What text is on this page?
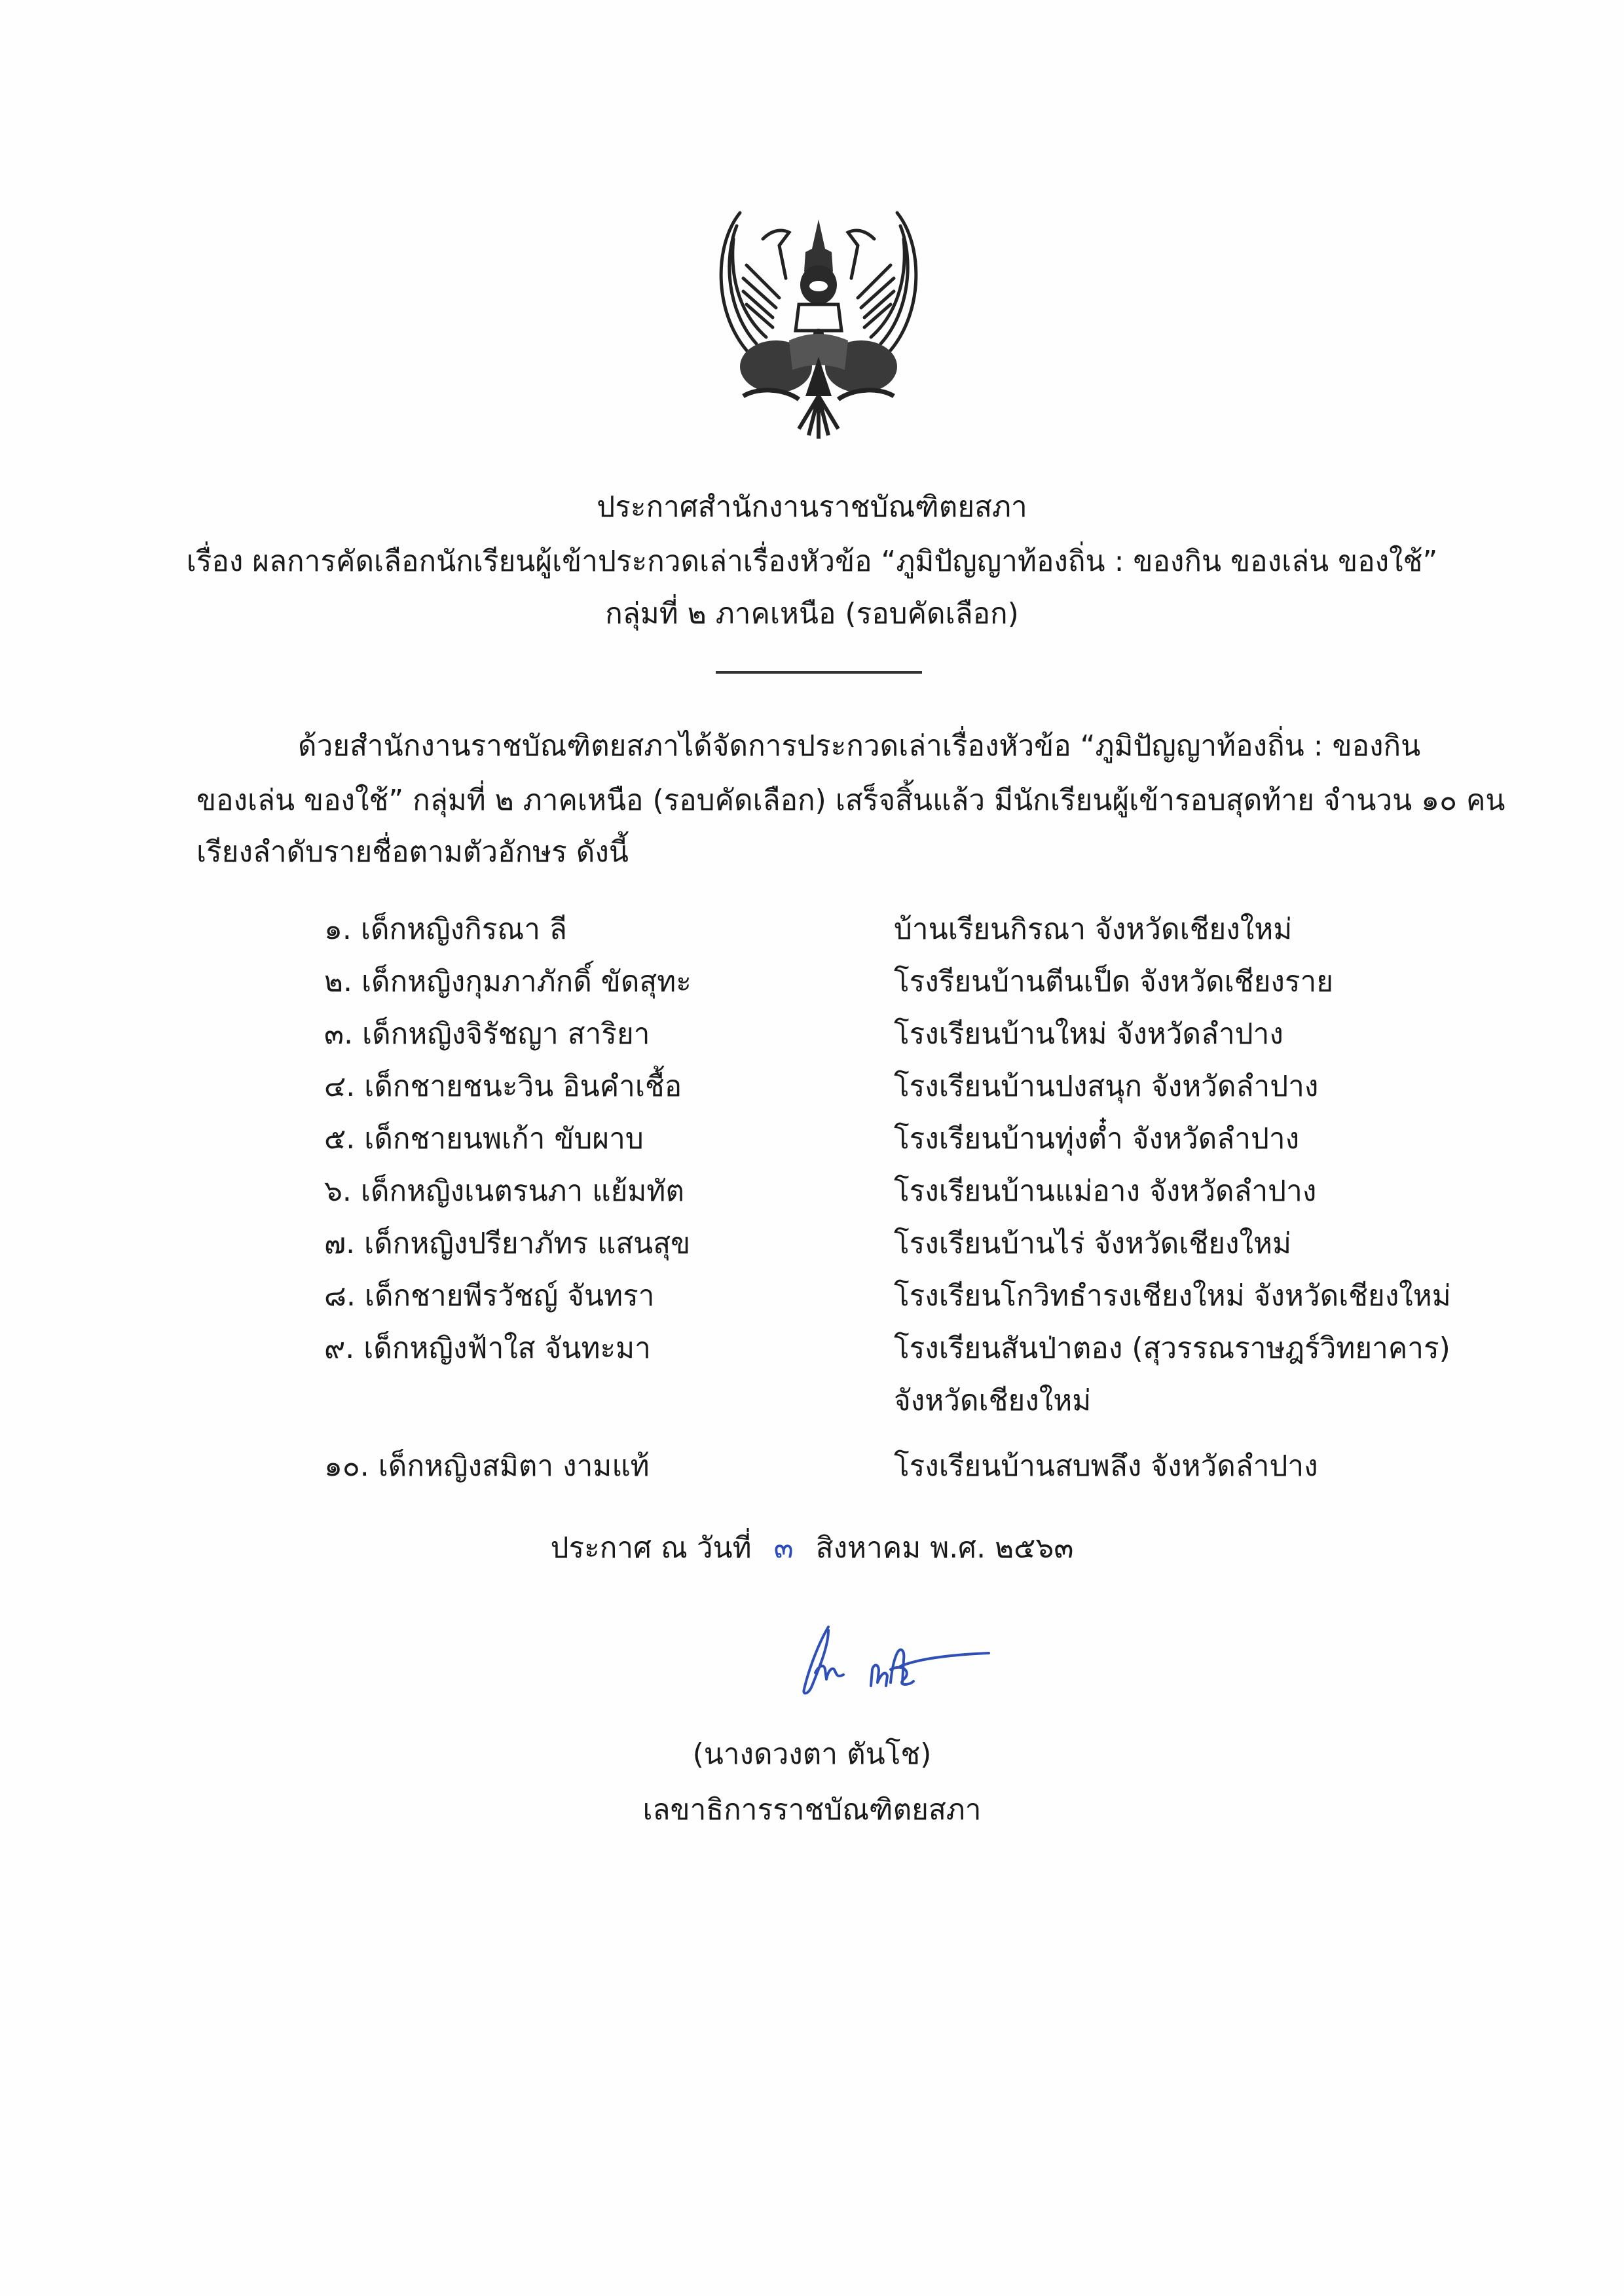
ประกาศสำนักงานราชบัณฑิตยสภา
เรื่อง ผลการคัดเลือกนักเรียนผู้เข้าประกวดเล่าเรื่องหัวข้อ “ภูมิปัญญาท้องถิ่น : ของกิน ของเล่น ของใช้”
กลุ่มที่ ๒ ภาคเหนือ (รอบคัดเลือก)
ด้วยสำนักงานราชบัณฑิตยสภาได้จัดการประกวดเล่าเรื่องหัวข้อ “ภูมิปัญญาท้องถิ่น : ของกิน
ของเล่น ของใช้” กลุ่มที่ ๒ ภาคเหนือ (รอบคัดเลือก) เสร็จสิ้นแล้ว มีนักเรียนผู้เข้ารอบสุดท้าย จำนวน ๑๐ คน
เรียงลำดับรายชื่อตามตัวอักษร ดังนี้
๑. เด็กหญิงกิรณา ลี	บ้านเรียนกิรณา จังหวัดเชียงใหม่
๒. เด็กหญิงกุมภาภักดิ์ ขัดสุทะ	โรงรียนบ้านตีนเป็ด จังหวัดเชียงราย
๓. เด็กหญิงจิรัชญา สาริยา	โรงเรียนบ้านใหม่ จังหวัดลำปาง
๔. เด็กชายชนะวิน อินคำเชื้อ	โรงเรียนบ้านปงสนุก จังหวัดลำปาง
๕. เด็กชายนพเก้า ขับผาบ	โรงเรียนบ้านทุ่งต๋ำ จังหวัดลำปาง
๖. เด็กหญิงเนตรนภา แย้มทัต	โรงเรียนบ้านแม่อาง จังหวัดลำปาง
๗. เด็กหญิงปรียาภัทร แสนสุข	โรงเรียนบ้านไร่ จังหวัดเชียงใหม่
๘. เด็กชายพีรวัชญ์ จันทรา	โรงเรียนโกวิทธำรงเชียงใหม่ จังหวัดเชียงใหม่
๙. เด็กหญิงฟ้าใส จันทะมา	โรงเรียนสันป่าตอง (สุวรรณราษฎร์วิทยาคาร)
จังหวัดเชียงใหม่
๑๐. เด็กหญิงสมิตา งามแท้	โรงเรียนบ้านสบพลึง จังหวัดลำปาง
ประกาศ ณ วันที่ ๓ สิงหาคม พ.ศ. ๒๕๖๓
(นางดวงตา ตันโช)
เลขาธิการราชบัณฑิตยสภา
